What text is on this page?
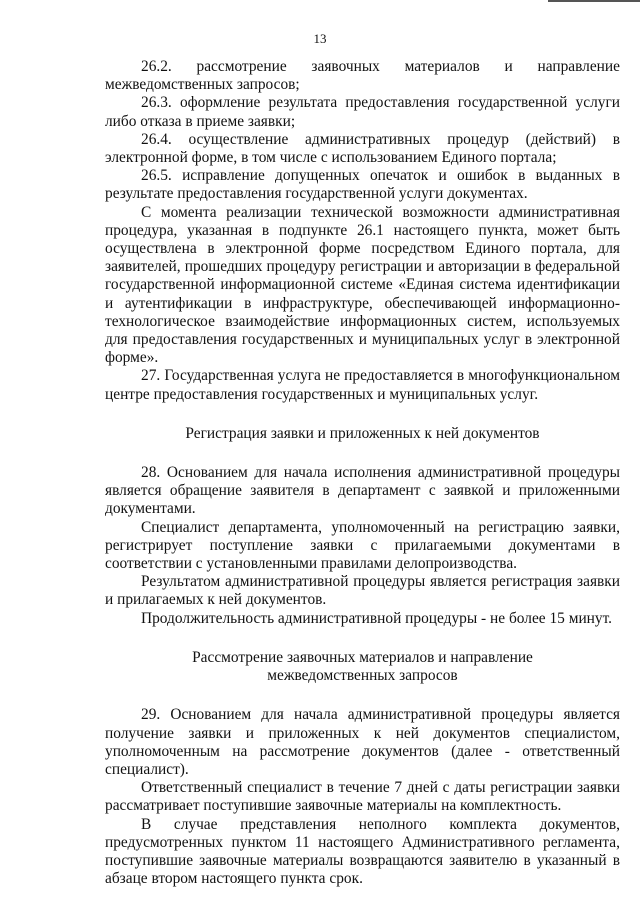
13

26.2. рассмотрение заявочных материалов и направление межведомственных запросов;

26.3. оформление результата предоставления государственной услуги либо отказа в приеме заявки;

26.4. осуществление административных процедур (действий) в электронной форме, в том числе с использованием Единого портала;

26.5. исправление допущенных опечаток и ошибок в выданных в результате предоставления государственной услуги документах.

С момента реализации технической возможности административная процедура, указанная в подпункте 26.1 настоящего пункта, может быть осуществлена в электронной форме посредством Единого портала, для заявителей, прошедших процедуру регистрации и авторизации в федеральной государственной информационной системе «Единая система идентификации и аутентификации в инфраструктуре, обеспечивающей информационно-технологическое взаимодействие информационных систем, используемых для предоставления государственных и муниципальных услуг в электронной форме».

27. Государственная услуга не предоставляется в многофункциональном центре предоставления государственных и муниципальных услуг.

Регистрация заявки и приложенных к ней документов

28. Основанием для начала исполнения административной процедуры является обращение заявителя в департамент с заявкой и приложенными документами.

Специалист департамента, уполномоченный на регистрацию заявки, регистрирует поступление заявки с прилагаемыми документами в соответствии с установленными правилами делопроизводства.

Результатом административной процедуры является регистрация заявки и прилагаемых к ней документов.

Продолжительность административной процедуры - не более 15 минут.

Рассмотрение заявочных материалов и направление

межведомственных запросов

29. Основанием для начала административной процедуры является получение заявки и приложенных к ней документов специалистом, уполномоченным на рассмотрение документов (далее - ответственный специалист).

Ответственный специалист в течение 7 дней с даты регистрации заявки рассматривает поступившие заявочные материалы на комплектность.

В случае представления неполного комплекта документов, предусмотренных пунктом 11 настоящего Административного регламента, поступившие заявочные материалы возвращаются заявителю в указанный в абзаце втором настоящего пункта срок.
